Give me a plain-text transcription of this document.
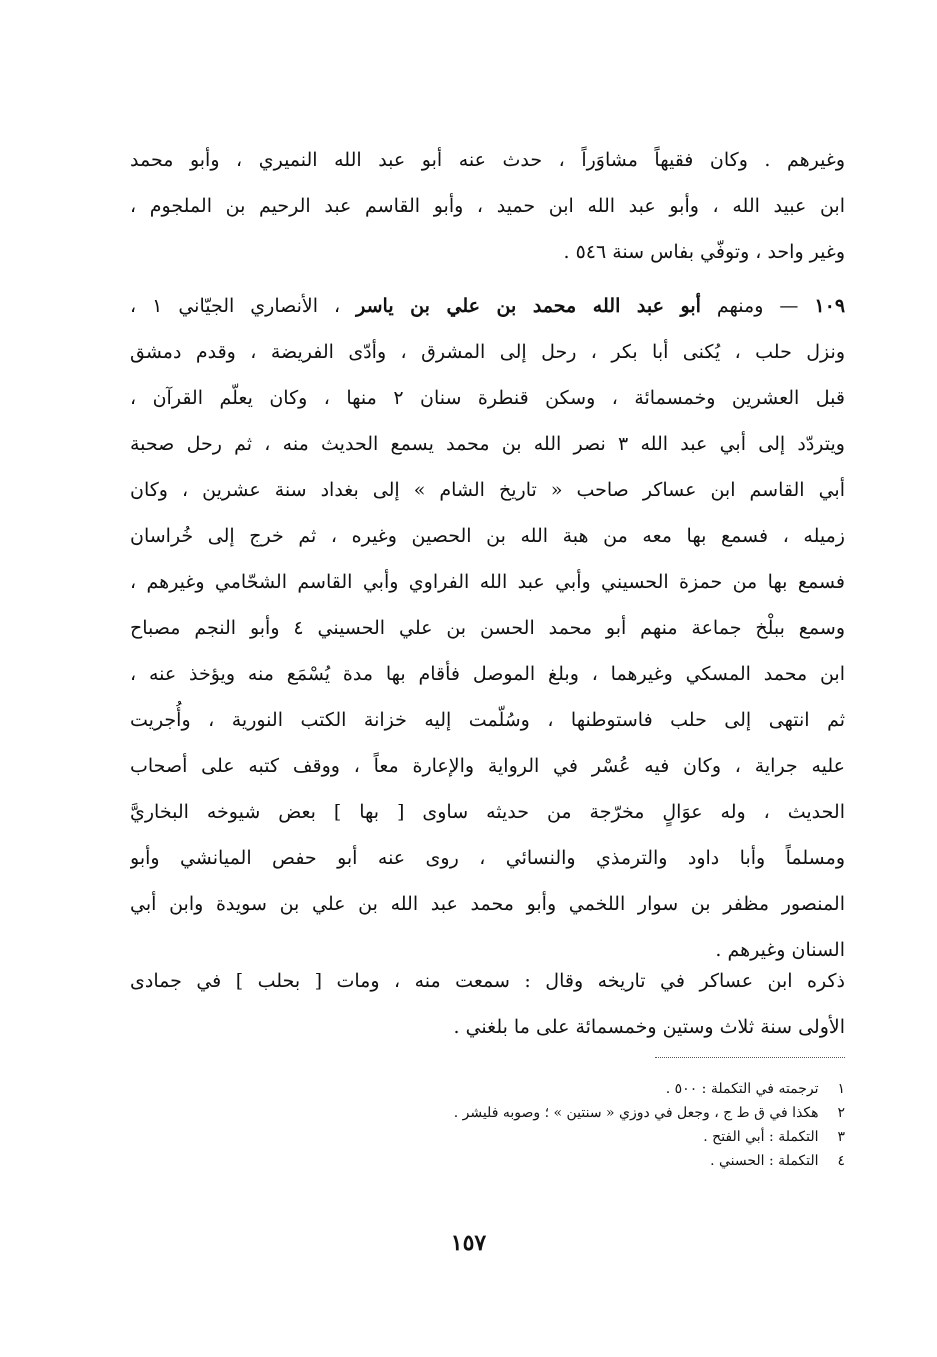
وغيرهم . وكان فقيهاً مشاوَراً ، حدث عنه أبو عبد الله النميري ، وأبو محمد
ابن عبيد الله ، وأبو عبد الله ابن حميد ، وأبو القاسم عبد الرحيم بن الملجوم ،
وغير واحد ، وتوفّي بفاس سنة ٥٤٦ .
١٠٩ — ومنهم أبو عبد الله محمد بن علي بن ياسر ، الأنصاري الجيّاني ١ ،
ونزل حلب ، يُكنى أبا بكر ، رحل إلى المشرق ، وأدّى الفريضة ، وقدم دمشق
قبل العشرين وخمسمائة ، وسكن قنطرة سنان ٢ منها ، وكان يعلّم القرآن ،
ويتردّد إلى أبي عبد الله ٣ نصر الله بن محمد يسمع الحديث منه ، ثم رحل صحبة
أبي القاسم ابن عساكر صاحب « تاريخ الشام » إلى بغداد سنة عشرين ، وكان
زميله ، فسمع بها معه من هبة الله بن الحصين وغيره ، ثم خرج إلى خُراسان
فسمع بها من حمزة الحسيني وأبي عبد الله الفراوي وأبي القاسم الشحّامي وغيرهم ،
وسمع ببلْخ جماعة منهم أبو محمد الحسن بن علي الحسيني ٤ وأبو النجم مصباح
ابن محمد المسكي وغيرهما ، وبلغ الموصل فأقام بها مدة يُسْمَع منه ويؤخذ عنه ،
ثم انتهى إلى حلب فاستوطنها ، وسُلّمت إليه خزانة الكتب النورية ، وأُجريت
عليه جراية ، وكان فيه عُسْر في الرواية والإعارة معاً ، ووقف كتبه على أصحاب
الحديث ، وله عوَالٍ مخرّجة من حديثه ساوى [ بها ] بعض شيوخه البخاريَّ
ومسلماً وأبا داود والترمذي والنسائي ، روى عنه أبو حفص الميانشي وأبو
المنصور مظفر بن سوار اللخمي وأبو محمد عبد الله بن علي بن سويدة وابن أبي
السنان وغيرهم .
ذكره ابن عساكر في تاريخه وقال : سمعت منه ، ومات [ بحلب ] في جمادى
الأولى سنة ثلاث وستين وخمسمائة على ما بلغني .
١ ترجمته في التكملة : ٥٠٠ .
٢ هكذا في ق ط ج ، وجعل في دوزي « سنتين » ؛ وصوبه فليشر .
٣ التكملة : أبي الفتح .
٤ التكملة : الحسني .
١٥٧
